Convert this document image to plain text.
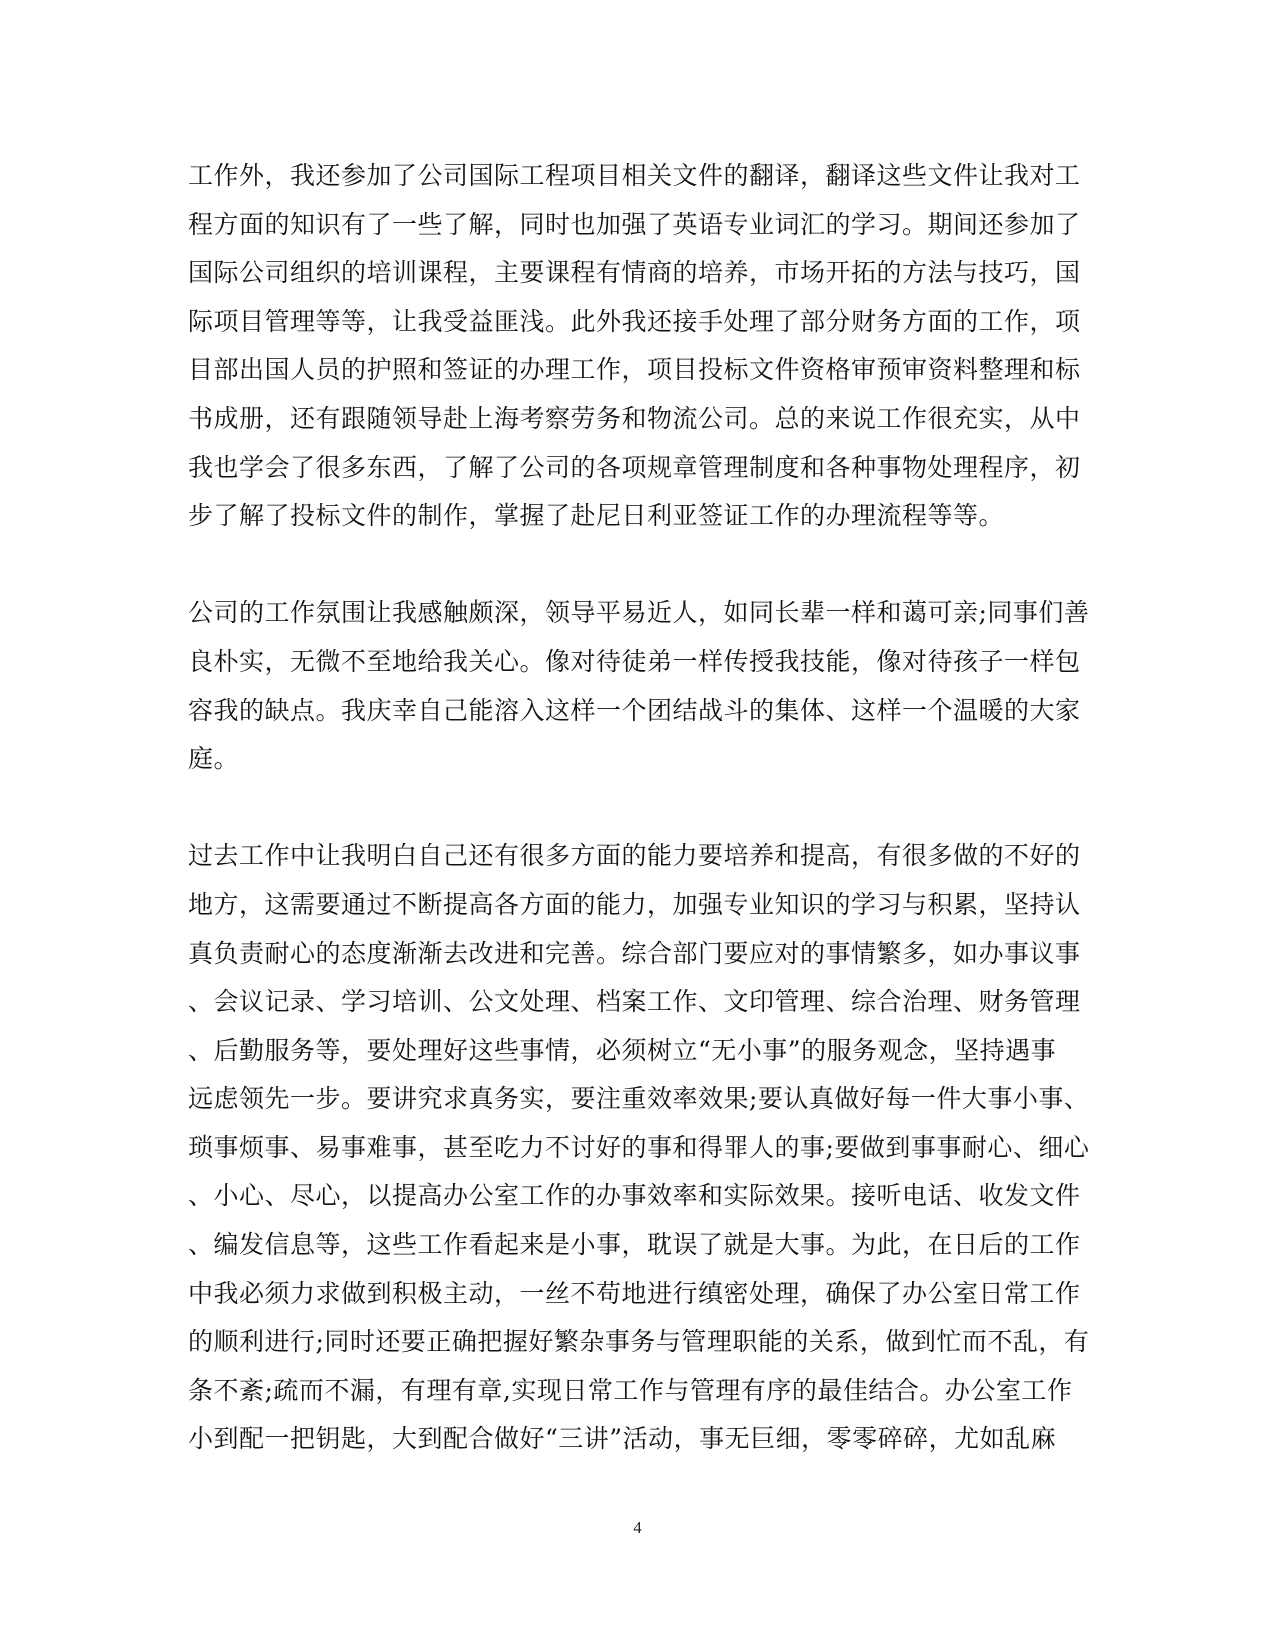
工作外，我还参加了公司国际工程项目相关文件的翻译，翻译这些文件让我对工
程方面的知识有了一些了解，同时也加强了英语专业词汇的学习。期间还参加了
国际公司组织的培训课程，主要课程有情商的培养，市场开拓的方法与技巧，国
际项目管理等等，让我受益匪浅。此外我还接手处理了部分财务方面的工作，项
目部出国人员的护照和签证的办理工作，项目投标文件资格审预审资料整理和标
书成册，还有跟随领导赴上海考察劳务和物流公司。总的来说工作很充实，从中
我也学会了很多东西，了解了公司的各项规章管理制度和各种事物处理程序，初
步了解了投标文件的制作，掌握了赴尼日利亚签证工作的办理流程等等。
公司的工作氛围让我感触颇深，领导平易近人，如同长辈一样和蔼可亲;同事们善
良朴实，无微不至地给我关心。像对待徒弟一样传授我技能，像对待孩子一样包
容我的缺点。我庆幸自己能溶入这样一个团结战斗的集体、这样一个温暖的大家
庭。
过去工作中让我明白自己还有很多方面的能力要培养和提高，有很多做的不好的
地方，这需要通过不断提高各方面的能力，加强专业知识的学习与积累，坚持认
真负责耐心的态度渐渐去改进和完善。综合部门要应对的事情繁多，如办事议事
、会议记录、学习培训、公文处理、档案工作、文印管理、综合治理、财务管理
、后勤服务等，要处理好这些事情，必须树立“无小事”的服务观念，坚持遇事
远虑领先一步。要讲究求真务实，要注重效率效果;要认真做好每一件大事小事、
琐事烦事、易事难事，甚至吃力不讨好的事和得罪人的事;要做到事事耐心、细心
、小心、尽心，以提高办公室工作的办事效率和实际效果。接听电话、收发文件
、编发信息等，这些工作看起来是小事，耽误了就是大事。为此，在日后的工作
中我必须力求做到积极主动，一丝不苟地进行缜密处理，确保了办公室日常工作
的顺利进行;同时还要正确把握好繁杂事务与管理职能的关系，做到忙而不乱，有
条不紊;疏而不漏，有理有章,实现日常工作与管理有序的最佳结合。办公室工作
小到配一把钥匙，大到配合做好“三讲”活动，事无巨细，零零碎碎，尤如乱麻
4
